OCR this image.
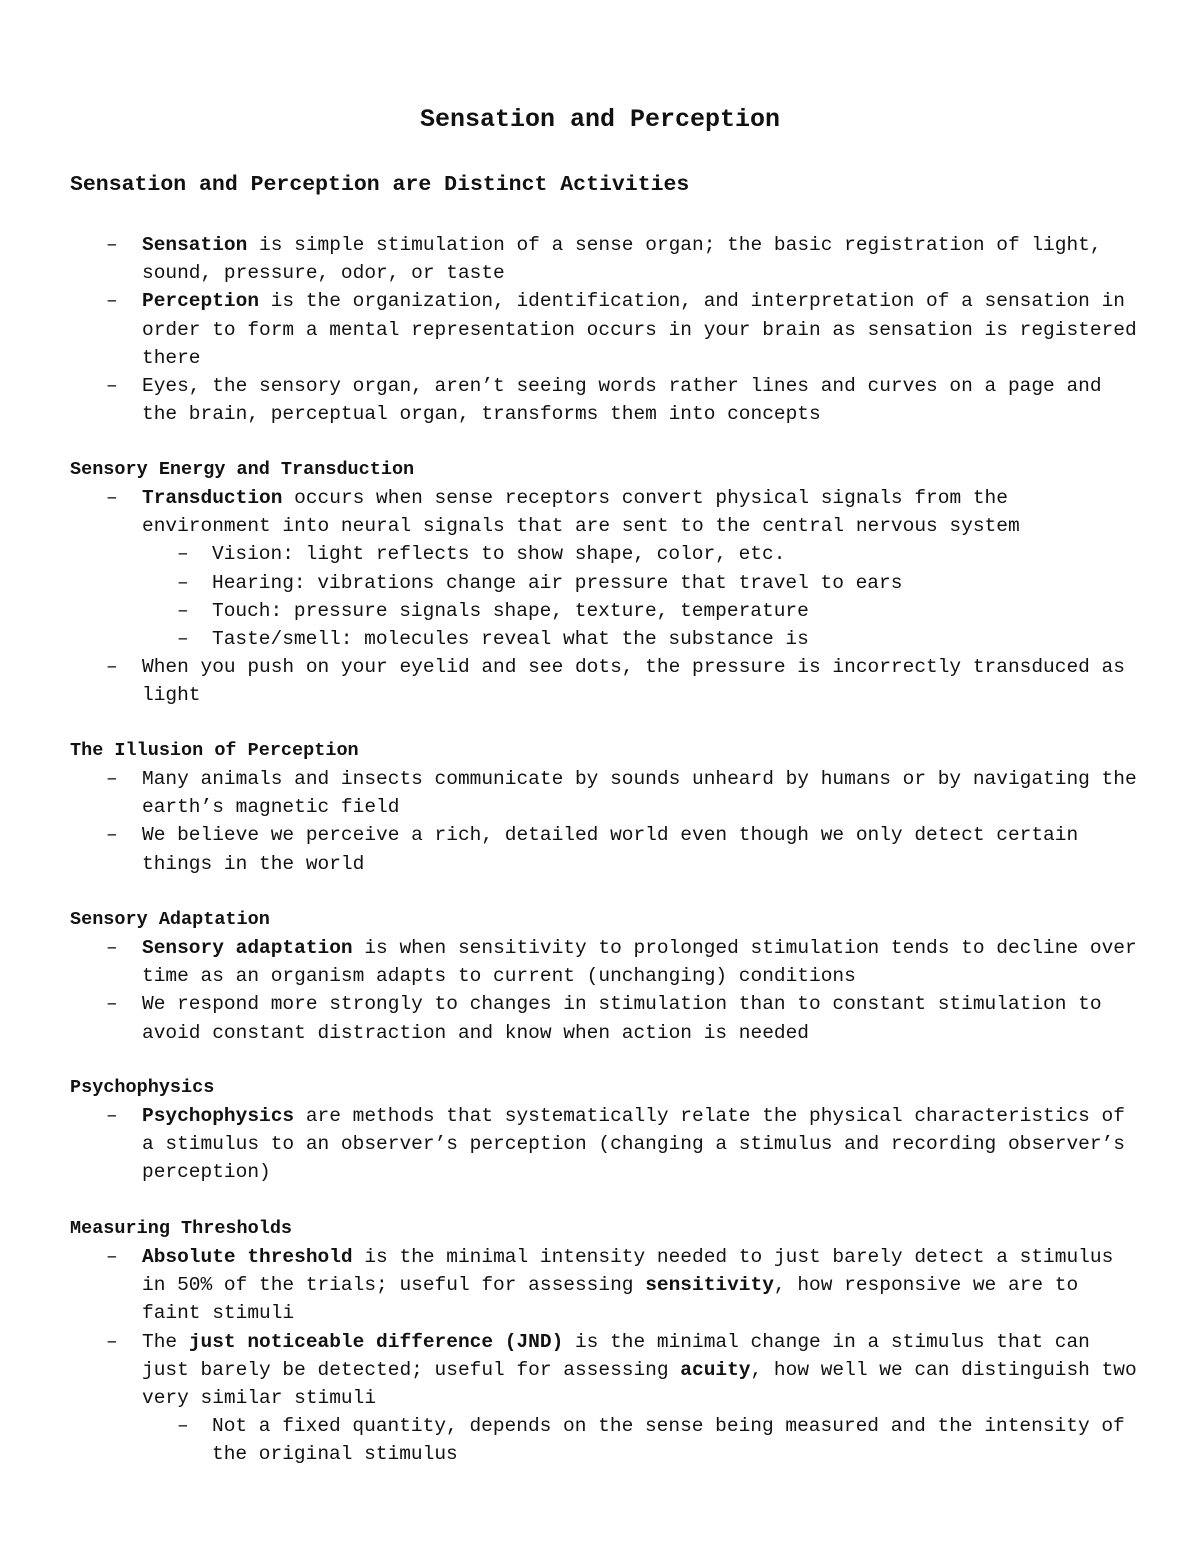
Sensation and Perception
Sensation and Perception are Distinct Activities
– Sensation is simple stimulation of a sense organ; the basic registration of light, sound, pressure, odor, or taste
– Perception is the organization, identification, and interpretation of a sensation in order to form a mental representation occurs in your brain as sensation is registered there
– Eyes, the sensory organ, aren’t seeing words rather lines and curves on a page and the brain, perceptual organ, transforms them into concepts
Sensory Energy and Transduction
– Transduction occurs when sense receptors convert physical signals from the environment into neural signals that are sent to the central nervous system
– Vision: light reflects to show shape, color, etc.
– Hearing: vibrations change air pressure that travel to ears
– Touch: pressure signals shape, texture, temperature
– Taste/smell: molecules reveal what the substance is
– When you push on your eyelid and see dots, the pressure is incorrectly transduced as light
The Illusion of Perception
– Many animals and insects communicate by sounds unheard by humans or by navigating the earth’s magnetic field
– We believe we perceive a rich, detailed world even though we only detect certain things in the world
Sensory Adaptation
– Sensory adaptation is when sensitivity to prolonged stimulation tends to decline over time as an organism adapts to current (unchanging) conditions
– We respond more strongly to changes in stimulation than to constant stimulation to avoid constant distraction and know when action is needed
Psychophysics
– Psychophysics are methods that systematically relate the physical characteristics of a stimulus to an observer’s perception (changing a stimulus and recording observer’s perception)
Measuring Thresholds
– Absolute threshold is the minimal intensity needed to just barely detect a stimulus in 50% of the trials; useful for assessing sensitivity, how responsive we are to faint stimuli
– The just noticeable difference (JND) is the minimal change in a stimulus that can just barely be detected; useful for assessing acuity, how well we can distinguish two very similar stimuli
– Not a fixed quantity, depends on the sense being measured and the intensity of the original stimulus
